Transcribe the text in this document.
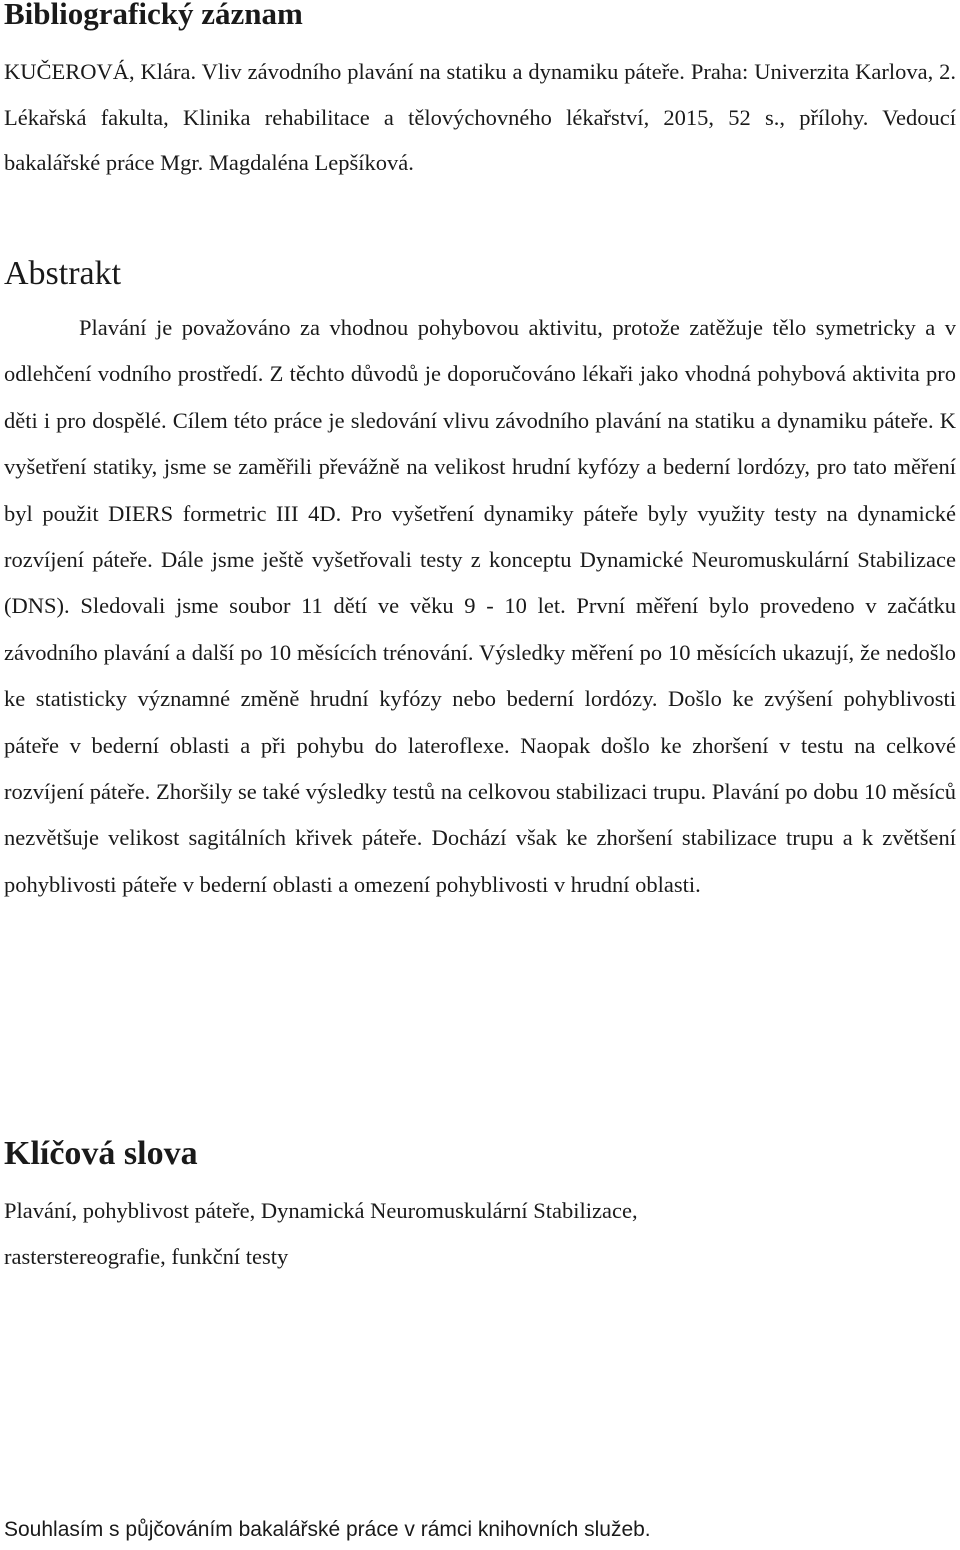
Bibliografický záznam

KUČEROVÁ, Klára. Vliv závodního plavání na statiku a dynamiku páteře. Praha: Univerzita Karlova, 2. Lékařská fakulta, Klinika rehabilitace a tělovýchovného lékařství, 2015, 52 s., přílohy. Vedoucí bakalářské práce Mgr. Magdaléna Lepšíková.

Abstrakt

Plavání je považováno za vhodnou pohybovou aktivitu, protože zatěžuje tělo symetricky a v odlehčení vodního prostředí. Z těchto důvodů je doporučováno lékaři jako vhodná pohybová aktivita pro děti i pro dospělé. Cílem této práce je sledování vlivu závodního plavání na statiku a dynamiku páteře. K vyšetření statiky, jsme se zaměřili převážně na velikost hrudní kyfózy a bederní lordózy, pro tato měření byl použit DIERS formetric III 4D. Pro vyšetření dynamiky páteře byly využity testy na dynamické rozvíjení páteře. Dále jsme ještě vyšetřovali testy z konceptu Dynamické Neuromuskulární Stabilizace (DNS). Sledovali jsme soubor 11 dětí ve věku 9 - 10 let. První měření bylo provedeno v začátku závodního plavání a další po 10 měsících trénování. Výsledky měření po 10 měsících ukazují, že nedošlo ke statisticky významné změně hrudní kyfózy nebo bederní lordózy. Došlo ke zvýšení pohyblivosti páteře v bederní oblasti a při pohybu do lateroflexe. Naopak došlo ke zhoršení v testu na celkové rozvíjení páteře. Zhoršily se také výsledky testů na celkovou stabilizaci trupu. Plavání po dobu 10 měsíců nezvětšuje velikost sagitálních křivek páteře. Dochází však ke zhoršení stabilizace trupu a k zvětšení pohyblivosti páteře v bederní oblasti a omezení pohyblivosti v hrudní oblasti.

Klíčová slova

Plavání, pohyblivost páteře, Dynamická Neuromuskulární Stabilizace,
rasterstereografie, funkční testy

Souhlasím s půjčováním bakalářské práce v rámci knihovních služeb.
